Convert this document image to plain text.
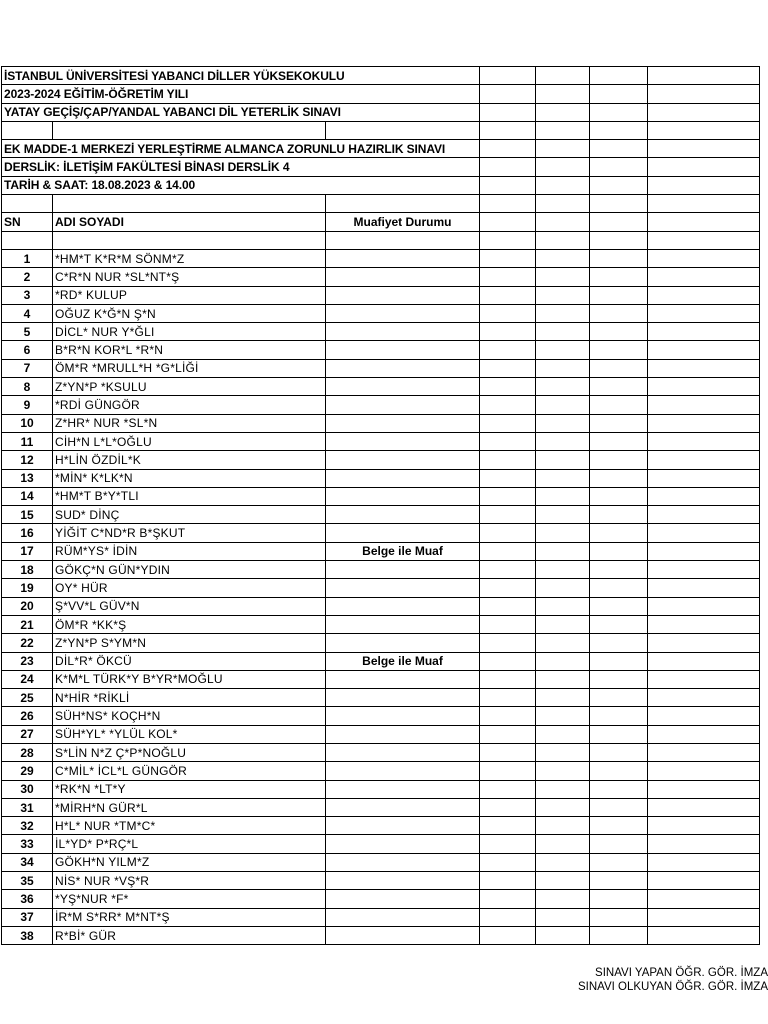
İSTANBUL ÜNİVERSİTESİ YABANCI DİLLER YÜKSEKOKULU						
2023-2024 EĞİTİM-ÖĞRETİM YILI						
YATAY GEÇİŞ/ÇAP/YANDAL YABANCI DİL YETERLİK SINAVI						

EK MADDE-1 MERKEZİ YERLEŞTİRME ALMANCA ZORUNLU HAZIRLIK SINAVI						
DERSLİK: İLETİŞİM FAKÜLTESİ BİNASI DERSLİK 4						
TARİH & SAAT: 18.08.2023 & 14.00						

SN	ADI SOYADI	Muafiyet Durumu				

1	*HM*T K*R*M SÖNM*Z					
2	C*R*N NUR *SL*NT*Ş					
3	*RD* KULUP					
4	OĞUZ K*Ğ*N Ş*N					
5	DİCL* NUR Y*ĞLI					
6	B*R*N KOR*L *R*N					
7	ÖM*R *MRULL*H *G*LİĞİ					
8	Z*YN*P *KSULU					
9	*RDİ GÜNGÖR					
10	Z*HR* NUR *SL*N					
11	CİH*N L*L*OĞLU					
12	H*LİN ÖZDİL*K					
13	*MİN* K*LK*N					
14	*HM*T B*Y*TLI					
15	SUD* DİNÇ					
16	YİĞİT C*ND*R B*ŞKUT					
17	RÜM*YS* İDİN	Belge ile Muaf				
18	GÖKÇ*N GÜN*YDIN					
19	OY* HÜR					
20	Ş*VV*L GÜV*N					
21	ÖM*R *KK*Ş					
22	Z*YN*P S*YM*N					
23	DİL*R* ÖKCÜ	Belge ile Muaf				
24	K*M*L TÜRK*Y B*YR*MOĞLU					
25	N*HİR *RİKLİ					
26	SÜH*NS* KOÇH*N					
27	SÜH*YL* *YLÜL KOL*					
28	S*LİN N*Z Ç*P*NOĞLU					
29	C*MİL* İCL*L GÜNGÖR					
30	*RK*N *LT*Y					
31	*MİRH*N GÜR*L					
32	H*L* NUR *TM*C*					
33	İL*YD* P*RÇ*L					
34	GÖKH*N YILM*Z					
35	NİS* NUR *VŞ*R					
36	*YŞ*NUR *F*					
37	İR*M S*RR* M*NT*Ş					
38	R*Bİ* GÜR					
SINAVI YAPAN ÖĞR. GÖR. İMZA
SINAVI OLKUYAN ÖĞR. GÖR. İMZA
